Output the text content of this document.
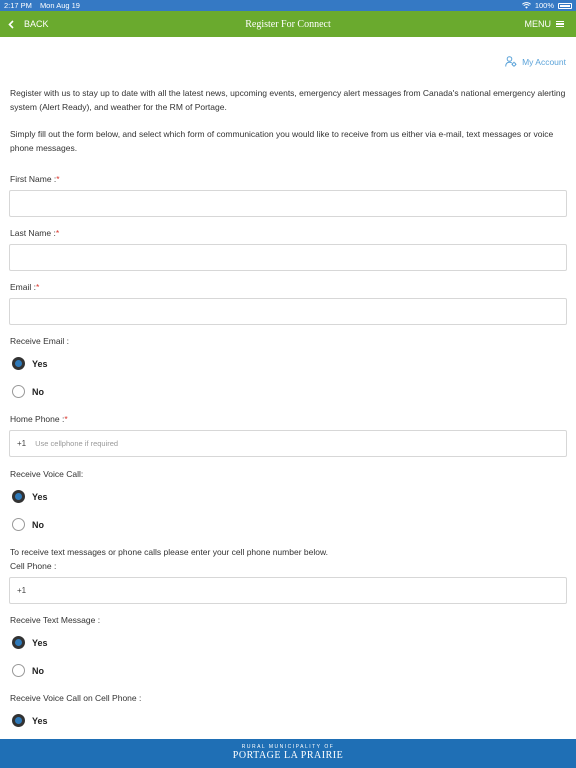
2:17 PM Mon Aug 19	100%
BACK	Register For Connect	MENU
My Account

Register with us to stay up to date with all the latest news, upcoming events, emergency alert messages from Canada's national emergency alerting system (Alert Ready), and weather for the RM of Portage.

Simply fill out the form below, and select which form of communication you would like to receive from us either via e-mail, text messages or voice phone messages.

First Name :*
Last Name :*
Email :*
Receive Email :
Yes
No
Home Phone :*
+1 Use cellphone if required
Receive Voice Call:
Yes
No
To receive text messages or phone calls please enter your cell phone number below.
Cell Phone :
+1
Receive Text Message :
Yes
No
Receive Voice Call on Cell Phone :
Yes
RURAL MUNICIPALITY OF
PORTAGE LA PRAIRIE
